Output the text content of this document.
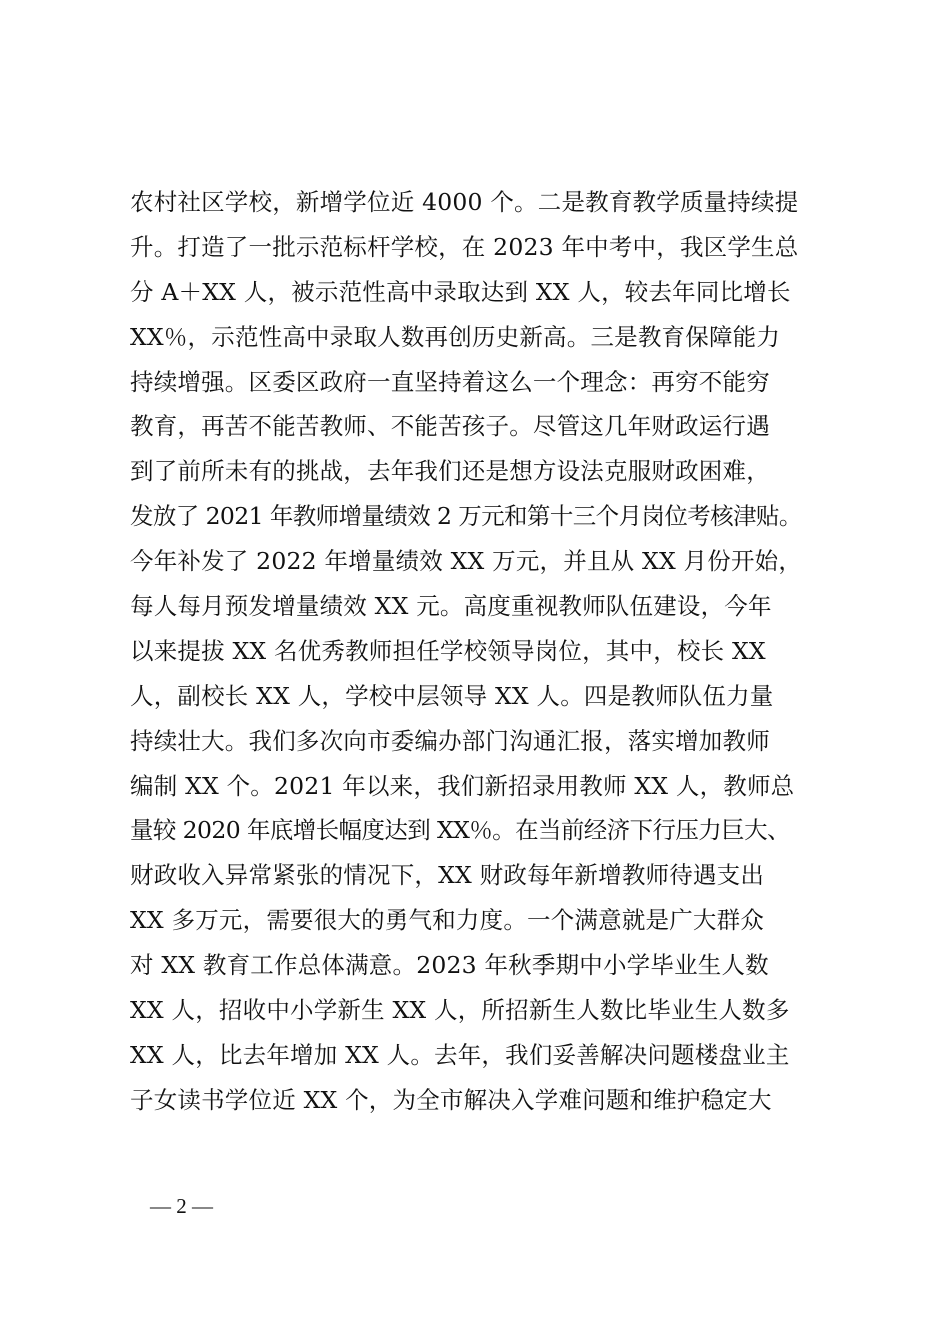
农村社区学校，新增学位近 4000 个。二是教育教学质量持续提
升。打造了一批示范标杆学校，在 2023 年中考中，我区学生总
分 A＋XX 人，被示范性高中录取达到 XX 人，较去年同比增长
XX％，示范性高中录取人数再创历史新高。三是教育保障能力
持续增强。区委区政府一直坚持着这么一个理念：再穷不能穷
教育，再苦不能苦教师、不能苦孩子。尽管这几年财政运行遇
到了前所未有的挑战，去年我们还是想方设法克服财政困难，
发放了 2021 年教师增量绩效 2 万元和第十三个月岗位考核津贴。
今年补发了 2022 年增量绩效 XX 万元，并且从 XX 月份开始，
每人每月预发增量绩效 XX 元。高度重视教师队伍建设，今年
以来提拔 XX 名优秀教师担任学校领导岗位，其中，校长 XX
人，副校长 XX 人，学校中层领导 XX 人。四是教师队伍力量
持续壮大。我们多次向市委编办部门沟通汇报，落实增加教师
编制 XX 个。2021 年以来，我们新招录用教师 XX 人，教师总
量较 2020 年底增长幅度达到 XX％。在当前经济下行压力巨大、
财政收入异常紧张的情况下，XX 财政每年新增教师待遇支出
XX 多万元，需要很大的勇气和力度。一个满意就是广大群众
对 XX 教育工作总体满意。2023 年秋季期中小学毕业生人数
XX 人，招收中小学新生 XX 人，所招新生人数比毕业生人数多
XX 人，比去年增加 XX 人。去年，我们妥善解决问题楼盘业主
子女读书学位近 XX 个，为全市解决入学难问题和维护稳定大
— 2 —
